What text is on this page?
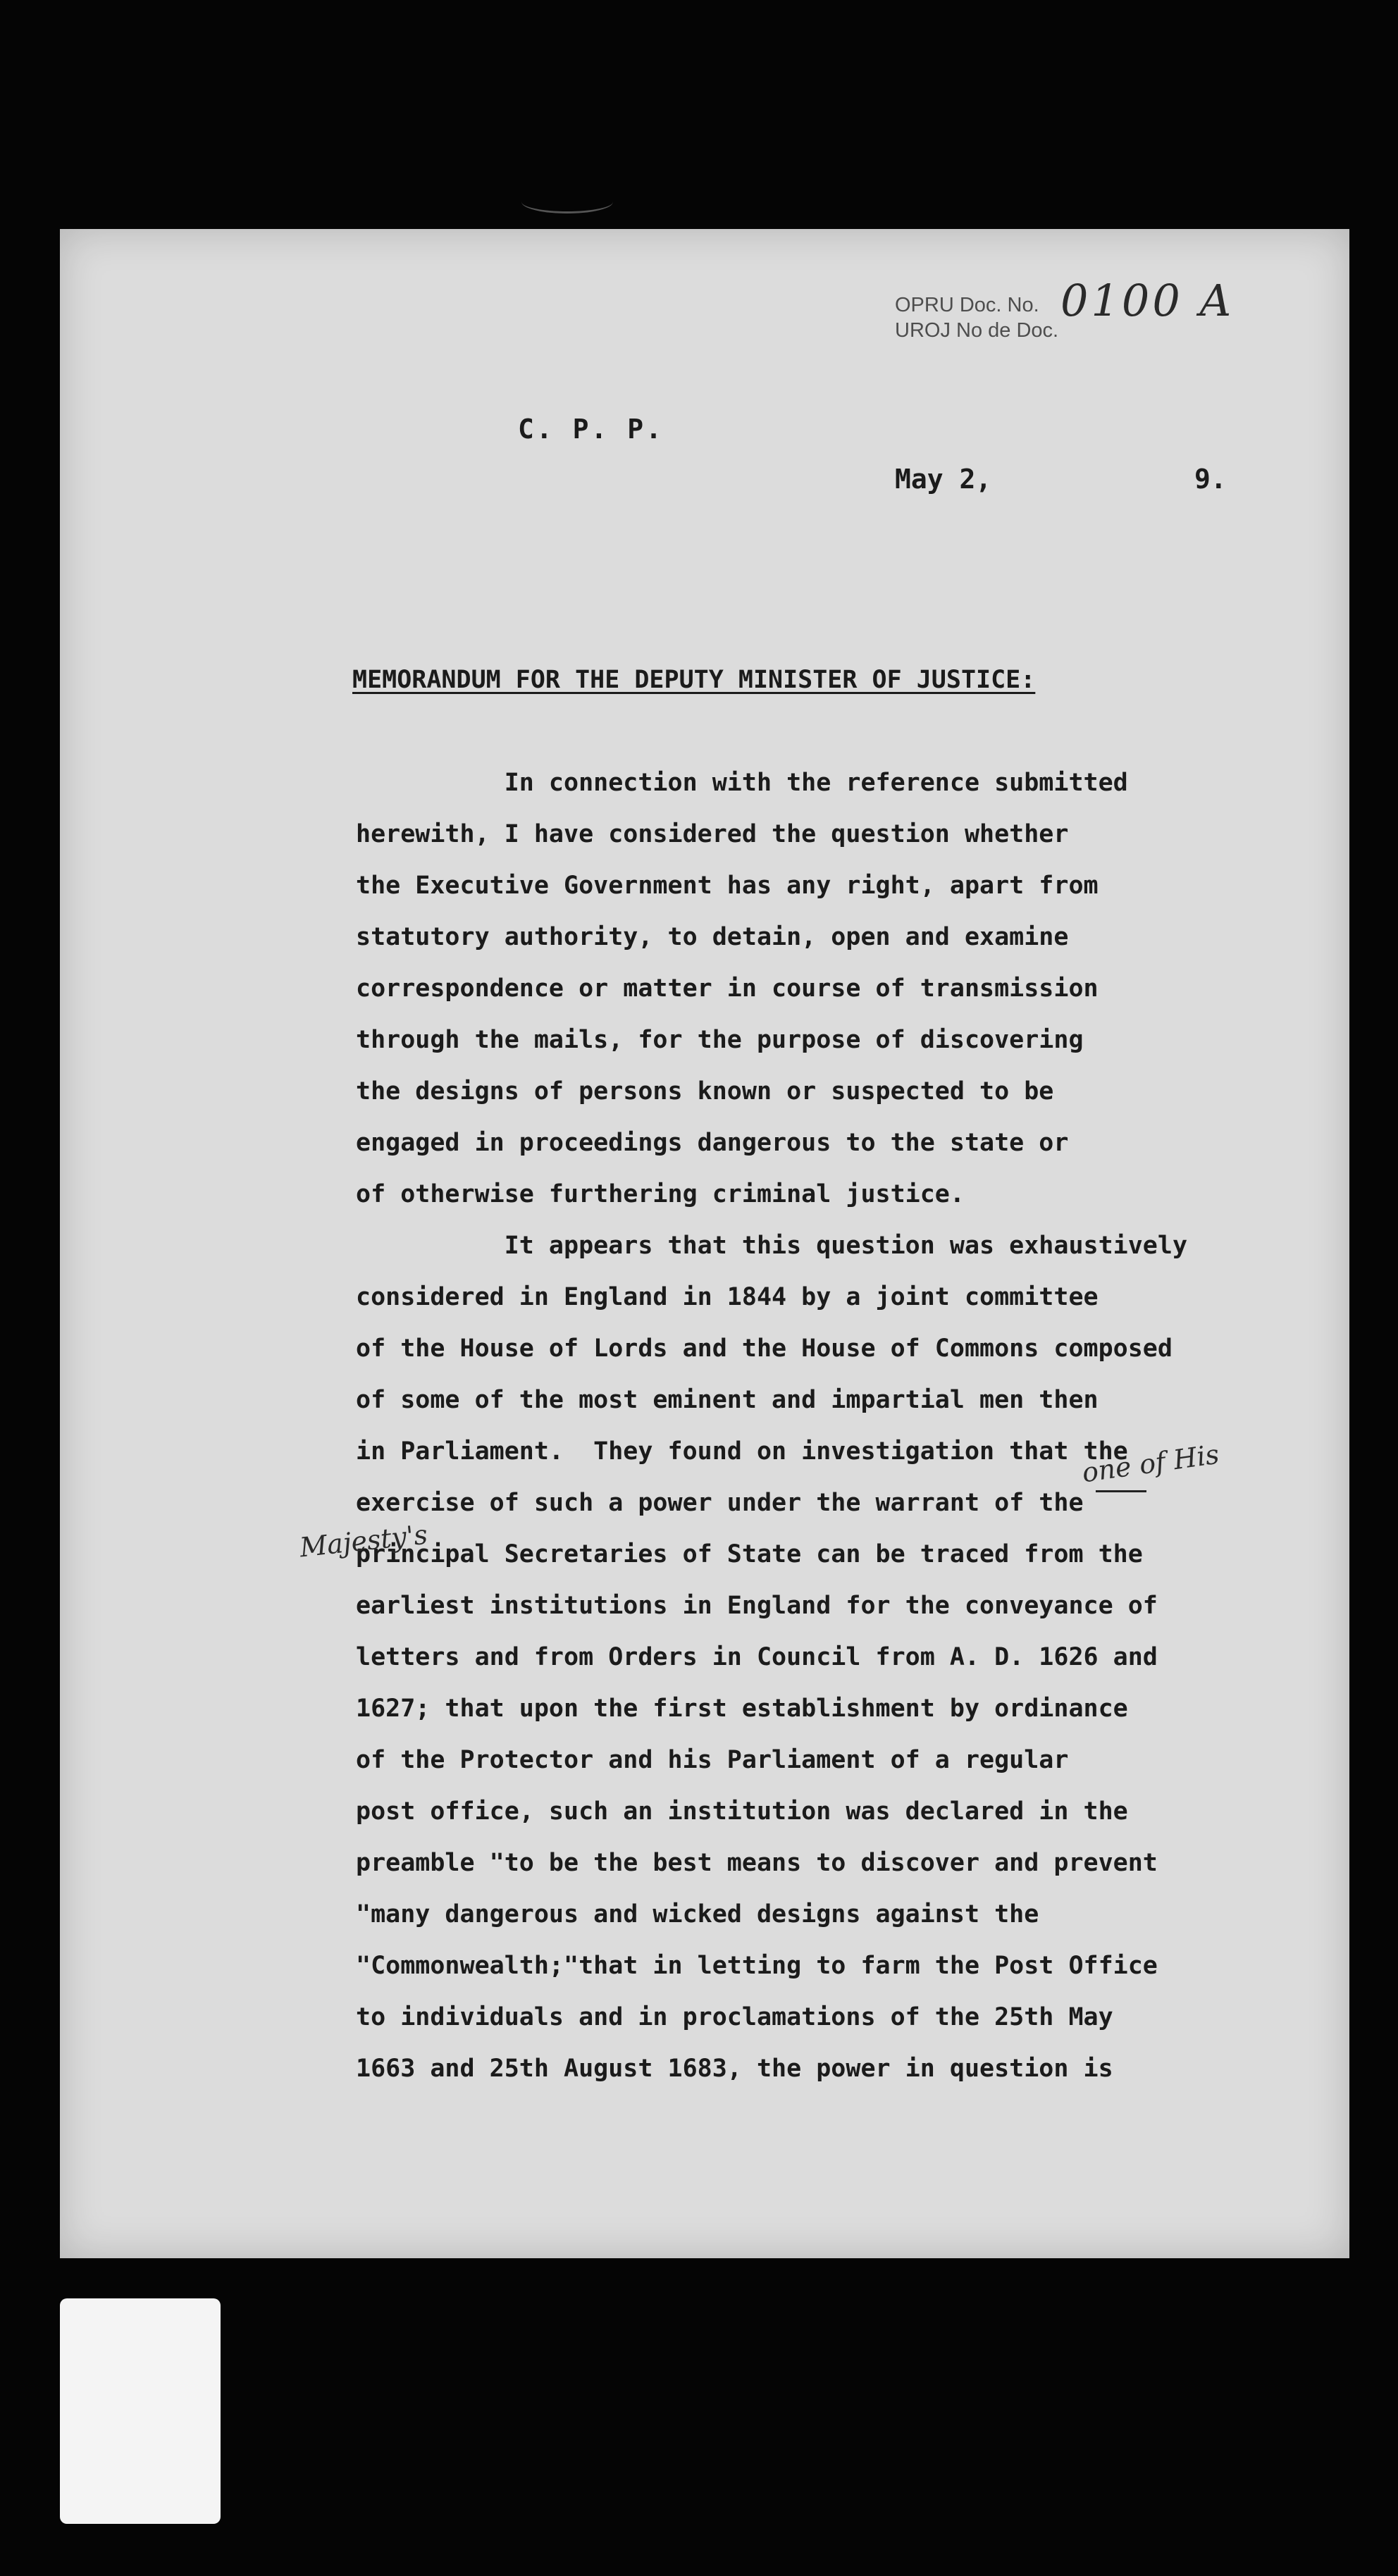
OPRU Doc. No.
UROJ No de Doc.
0100 A
C. P. P.
May 2,	9.
MEMORANDUM FOR THE DEPUTY MINISTER OF JUSTICE:
In connection with the reference submitted
herewith, I have considered the question whether
the Executive Government has any right, apart from
statutory authority, to detain, open and examine
correspondence or matter in course of transmission
through the mails, for the purpose of discovering
the designs of persons known or suspected to be
engaged in proceedings dangerous to the state or
of otherwise furthering criminal justice.
It appears that this question was exhaustively
considered in England in 1844 by a joint committee
of the House of Lords and the House of Commons composed
of some of the most eminent and impartial men then
in Parliament.  They found on investigation that the
exercise of such a power under the warrant of the
principal Secretaries of State can be traced from the
earliest institutions in England for the conveyance of
letters and from Orders in Council from A. D. 1626 and
1627; that upon the first establishment by ordinance
of the Protector and his Parliament of a regular
post office, such an institution was declared in the
preamble "to be the best means to discover and prevent
"many dangerous and wicked designs against the
"Commonwealth;"that in letting to farm the Post Office
to individuals and in proclamations of the 25th May
1663 and 25th August 1683, the power in question is
one of His
Majesty's
